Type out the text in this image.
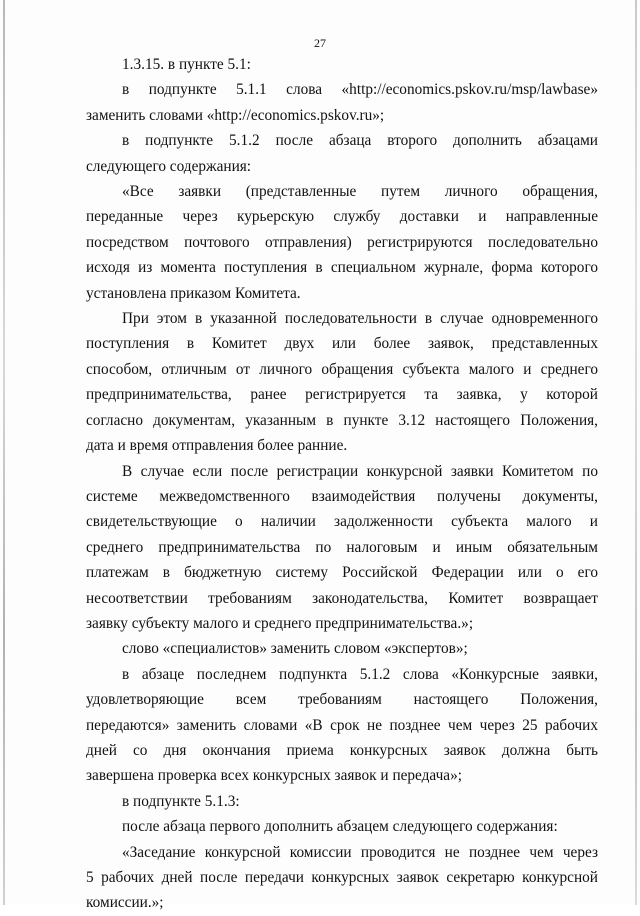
27

1.3.15. в пункте 5.1:

в подпункте 5.1.1 слова «http://economics.pskov.ru/msp/lawbase»
заменить словами «http://economics.pskov.ru»;

в подпункте 5.1.2 после абзаца второго дополнить абзацами
следующего содержания:

«Все заявки (представленные путем личного обращения,
переданные через курьерскую службу доставки и направленные
посредством почтового отправления) регистрируются последовательно
исходя из момента поступления в специальном журнале, форма которого
установлена приказом Комитета.

При этом в указанной последовательности в случае одновременного
поступления в Комитет двух или более заявок, представленных
способом, отличным от личного обращения субъекта малого и среднего
предпринимательства, ранее регистрируется та заявка, у которой
согласно документам, указанным в пункте 3.12 настоящего Положения,
дата и время отправления более ранние.

В случае если после регистрации конкурсной заявки Комитетом по
системе межведомственного взаимодействия получены документы,
свидетельствующие о наличии задолженности субъекта малого и
среднего предпринимательства по налоговым и иным обязательным
платежам в бюджетную систему Российской Федерации или о его
несоответствии требованиям законодательства, Комитет возвращает
заявку субъекту малого и среднего предпринимательства.»;

слово «специалистов» заменить словом «экспертов»;

в абзаце последнем подпункта 5.1.2 слова «Конкурсные заявки,
удовлетворяющие всем требованиям настоящего Положения,
передаются» заменить словами «В срок не позднее чем через 25 рабочих
дней со дня окончания приема конкурсных заявок должна быть
завершена проверка всех конкурсных заявок и передача»;

в подпункте 5.1.3:

после абзаца первого дополнить абзацем следующего содержания:

«Заседание конкурсной комиссии проводится не позднее чем через
5 рабочих дней после передачи конкурсных заявок секретарю конкурсной
комиссии.»;
